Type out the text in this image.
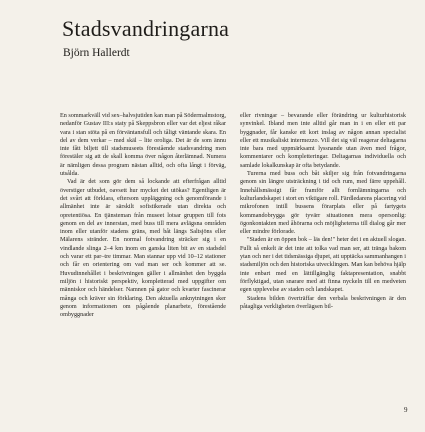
Stadsvandringarna

Björn Hallerdt

En sommarkväll vid sex–halvsjutiden kan man på Södermalmstorg, nedanför Gustav III:s staty på Skeppsbron eller var det eljest råkar vara i stan stöta på en förväntansfull och tåligt väntande skara. En del av dem verkar – med skäl – lite oroliga. Det är de som ännu inte fått biljett till stadsmuseets förestående stadsvandring men förestäler sig att de skall komma över någon återlämnad. Numera är nämligen dessa program nästan alltid, och ofta långt i förväg, utsålda.

Vad är det som gör dem så lockande att efterfrågan alltid överstiger utbudet, oavsett hur mycket det utökas? Egentligen är det svårt att förklara, eftersom uppläggning och genomförande i allmänhet inte är särskilt sofistikerade utan direkta och opretentiösa. En tjänsteman från museet lotsar gruppen till fots genom en del av innerstan, med buss till mera avlägsna områden inom eller utanför stadens gräns, med båt längs Saltsjöns eller Mälarens stränder. En normal fotvandring sträcker sig i en vindlande slinga 2–4 km inom en ganska liten bit av en stadsdel och varar ett par–tre timmar. Man stannar upp vid 10–12 stationer och får en orientering om vad man ser och kommer att se. Huvudinnehållet i beskrivningen gäller i allmänhet den byggda miljön i historiskt perspektiv, kompletterad med uppgifter om människor och händelser. Namnen på gator och kvarter fascinerar många och kräver sin förklaring. Den aktuella anknytningen sker genom informationen om pågående planarbete, förestående ombyggnader

eller rivningar – bevarande eller förändring ur kulturhistorisk synvinkel. Ibland men inte alltid går man in i en eller ett par byggnader, får kanske ett kort inslag av någon annan specialist eller ett musikaliskt intermezzo. Vill det sig väl reagerar deltagarna inte bara med uppmärksamt lyssnande utan även med frågor, kommentarer och kompletteringar. Deltagarnas individuella och samlade lokalkunskap är ofta betydande.

Turerna med buss och båt skiljer sig från fotvandringarna genom sin längre utsträckning i tid och rum, med färre uppehåll. Innehållsmässigt får framför allt fornlämningarna och kulturlandskapet i stort en viktigare roll. Färdledarens placering vid mikrofonen intill bussens förarplats eller på fartygets kommandobrygga gör tyvärr situationen mera opersonlig: ögonkontakten med åhörarna och möjligheterna till dialog går mer eller mindre förlorade.

"Staden är en öppen bok – läs den!" heter det i en aktuell slogan. Fullt så enkelt är det inte att tolka vad man ser, att tränga bakom ytan och ner i det tidsmässiga djupet, att upptäcka sammanhangen i stadsmiljön och den historiska utvecklingen. Man kan behöva hjälp inte enbart med en lättillgänglig faktapresentation, snabbt förflyktigad, utan snarare med att finna nyckeln till en medveten egen upplevelse av staden och landskapet.

Stadens bilden överträffar den verbala beskrivningen är den påtagliga verkligheten överlägsen bil-

9
